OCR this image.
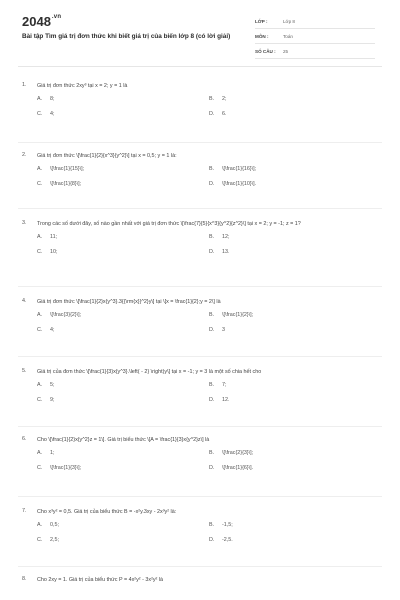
$2048^{.vn}$
Bài tập Tìm giá trị đơn thức khi biết giá trị của biến lớp 8 (có lời giải)
LỚP :	Lớp 8
MÔN :	Toán
SỐ CÂU :	25
1.	Giá trị đơn thức 2xy³ tại x = 2; y = 1 là
A.	8;	B.	2;
C.	4;	D.	6.
2.	Giá trị đơn thức \[\frac{1}{2}{x^3}{y^2}\] tại x = 0,5; y = 1 là:
A.	\[\frac{1}{15}\];	B.	\[\frac{1}{16}\];
C.	\[\frac{1}{8}\];	D.	\[\frac{1}{10}\].
3.	Trong các số dưới đây, số nào gần nhất với giá trị đơn thức \[\frac{7}{5}{x^3}{y^2}{z^2}\] tại x = 2; y = -1; z = 1?
A.	11;	B.	12;
C.	10;	D.	13.
4.	Giá trị đơn thức \[\frac{1}{2}x{y^3}.3{{\rm{x}}^2}y\] tại \[x = \frac{1}{2};y = 2\] là
A.	\[\frac{3}{2}\];	B.	\[\frac{1}{2}\];
C.	4;	D.	3
5.	Giá trị của đơn thức \[\frac{1}{3}x{y^3}.\left( - 2} \right)y\] tại x = -1; y = 3 là một số chia hết cho
A.	5;	B.	7;
C.	9;	D.	12.
6.	Cho \[\frac{1}{2}x{y^2}z = 1\]. Giá trị biểu thức \[A = \frac{1}{3}x{y^2}z\] là
A.	1;	B.	\[\frac{2}{3}\];
C.	\[\frac{1}{3}\];	D.	\[\frac{1}{6}\].
7.	Cho x³y² = 0,5. Giá trị của biểu thức B = -x²y.3xy - 2x³y² là:
A.	0,5;	B.	-1,5;
C.	2,5;	D.	-2,5.
8.	Cho 2xy = 1. Giá trị của biểu thức P = 4x²y² - 3x²y² là
